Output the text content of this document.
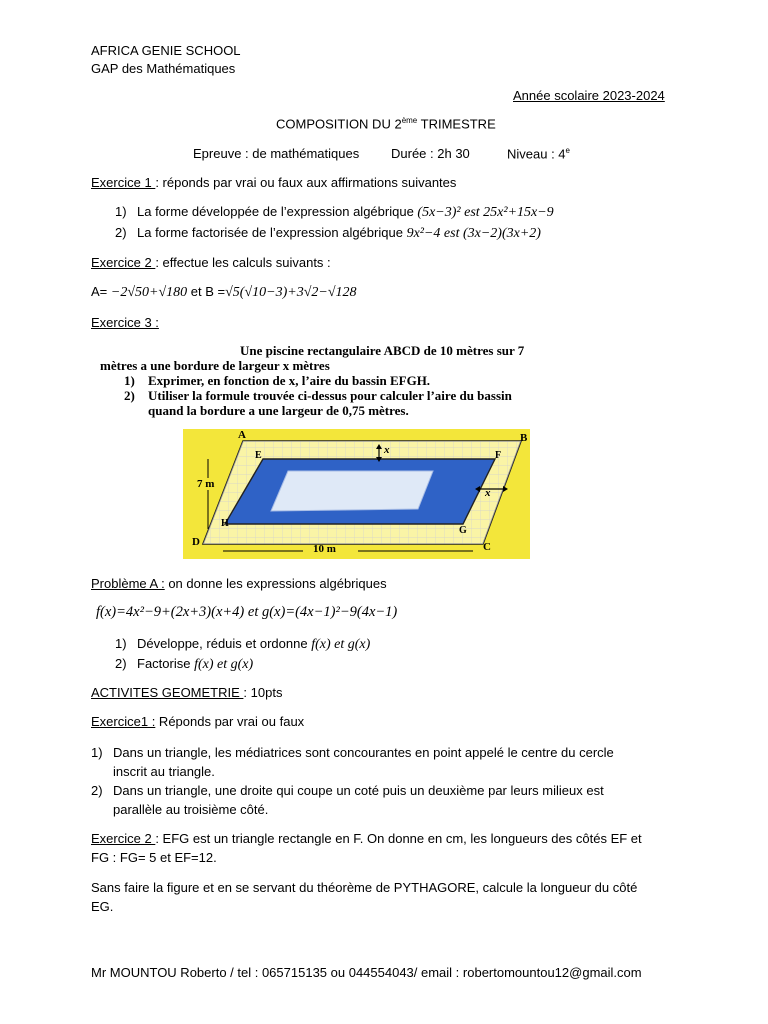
AFRICA GENIE SCHOOL
GAP des Mathématiques
Année scolaire 2023-2024
COMPOSITION DU 2ème TRIMESTRE
Epreuve : de mathématiques Durée : 2h 30	Niveau : 4e
Exercice 1 : réponds par vrai ou faux aux affirmations suivantes
1) La forme développée de l’expression algébrique (5x−3)² est 25x²+15x−9
2) La forme factorisée de l’expression algébrique 9x²−4 est (3x−2)(3x+2)
Exercice 2 : effectue les calculs suivants :
A= −2√50+√180 et B =√5(√10−3)+3√2−√128
Exercice 3 :
Une piscine rectangulaire ABCD de 10 mètres sur 7
mètres a une bordure de largeur x mètres
1) Exprimer, en fonction de x, l’aire du bassin EFGH.
2) Utiliser la formule trouvée ci-dessus pour calculer l’aire du bassin
quand la bordure a une largeur de 0,75 mètres.
A	B
C
D
E	F
G
H
x
x
7 m
10 m
Problème A : on donne les expressions algébriques
f(x)=4x²−9+(2x+3)(x+4) et g(x)=(4x−1)²−9(4x−1)
1) Développe, réduis et ordonne f(x) et g(x)
2) Factorise f(x) et g(x)
ACTIVITES GEOMETRIE : 10pts
Exercice1 : Réponds par vrai ou faux
1) Dans un triangle, les médiatrices sont concourantes en point appelé le centre du cercle
inscrit au triangle.
2) Dans un triangle, une droite qui coupe un coté puis un deuxième par leurs milieux est
parallèle au troisième côté.
Exercice 2 : EFG est un triangle rectangle en F. On donne en cm, les longueurs des côtés EF et
FG : FG= 5 et EF=12.
Sans faire la figure et en se servant du théorème de PYTHAGORE, calcule la longueur du côté
EG.
Mr MOUNTOU Roberto / tel : 065715135 ou 044554043/ email : robertomountou12@gmail.com
